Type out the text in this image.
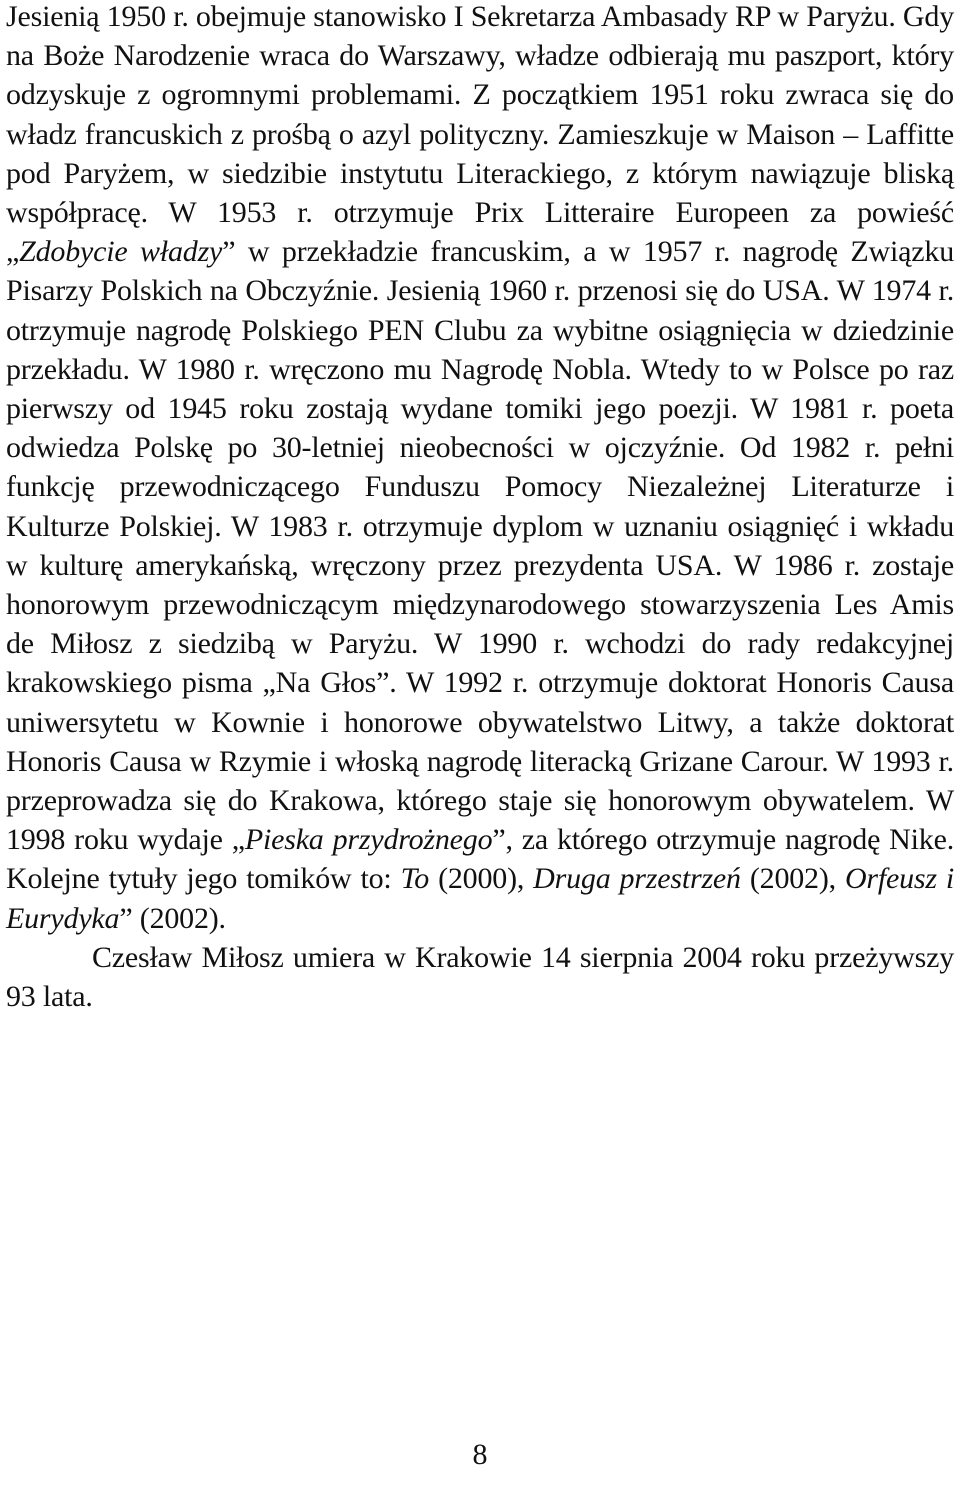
Jesienią 1950 r. obejmuje stanowisko I Sekretarza Ambasady RP w Paryżu. Gdy na Boże Narodzenie wraca do Warszawy, władze odbierają mu paszport, który odzyskuje z ogromnymi problemami. Z początkiem 1951 roku zwraca się do władz francuskich z prośbą o azyl polityczny. Zamieszkuje w Maison – Laffitte pod Paryżem, w siedzibie instytutu Literackiego, z którym nawiązuje bliską współpracę. W 1953 r. otrzymuje Prix Litteraire Europeen za powieść „Zdobycie władzy” w przekładzie francuskim, a w 1957 r. nagrodę Związku Pisarzy Polskich na Obczyźnie. Jesienią 1960 r. przenosi się do USA. W 1974 r. otrzymuje nagrodę Polskiego PEN Clubu za wybitne osiągnięcia w dziedzinie przekładu. W 1980 r. wręczono mu Nagrodę Nobla. Wtedy to w Polsce po raz pierwszy od 1945 roku zostają wydane tomiki jego poezji. W 1981 r. poeta odwiedza Polskę po 30-letniej nieobecności w ojczyźnie. Od 1982 r. pełni funkcję przewodniczącego Funduszu Pomocy Niezależnej Literaturze i Kulturze Polskiej. W 1983 r. otrzymuje dyplom w uznaniu osiągnięć i wkładu w kulturę amerykańską, wręczony przez prezydenta USA. W 1986 r. zostaje honorowym przewodniczącym międzynarodowego stowarzyszenia Les Amis de Miłosz z siedzibą w Paryżu. W 1990 r. wchodzi do rady redakcyjnej krakowskiego pisma „Na Głos”. W 1992 r. otrzymuje doktorat Honoris Causa uniwersytetu w Kownie i honorowe obywatelstwo Litwy, a także doktorat Honoris Causa w Rzymie i włoską nagrodę literacką Grizane Carour. W 1993 r. przeprowadza się do Krakowa, którego staje się honorowym obywatelem. W 1998 roku wydaje „Pieska przydrożnego”, za którego otrzymuje nagrodę Nike. Kolejne tytuły jego tomików to: To (2000), Druga przestrzeń (2002), Orfeusz i Eurydyka” (2002).

Czesław Miłosz umiera w Krakowie 14 sierpnia 2004 roku przeżywszy 93 lata.

8
